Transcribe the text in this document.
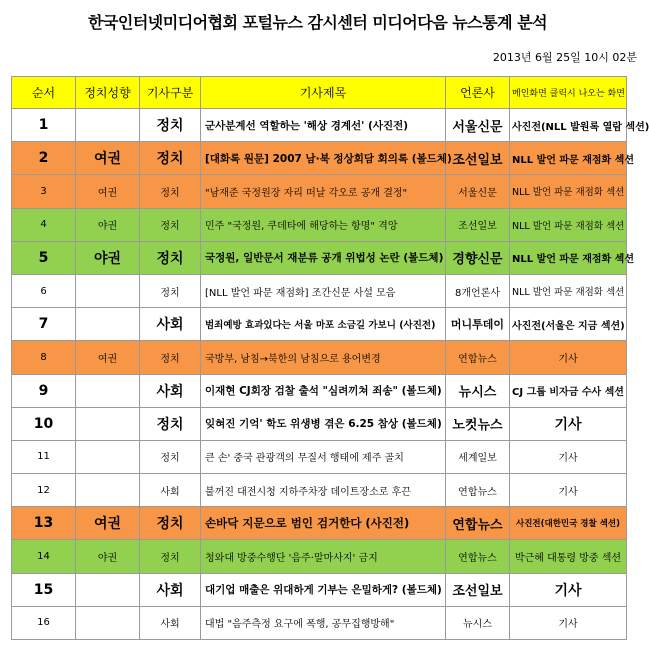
한국인터넷미디어협회 포털뉴스 감시센터 미디어다음 뉴스통계 분석
2013년 6월 25일 10시 02분
순서	정치성향	기사구분	기사제목	언론사	메인화면 클릭시 나오는 화면
1		정치	군사분계선 역할하는 '해상 경계선' (사진전)	서울신문	사진전(NLL 발원록 열람 섹션)
2	여권	정치	[대화록 원문] 2007 남·북 정상회담 회의록 (볼드체)	조선일보	NLL 발언 파문 재점화 섹션
3	여권	정치	"남재준 국정원장 자리 떠날 각오로 공개 결정"	서울신문	NLL 발언 파문 재점화 섹션
4	야권	정치	민주 "국정원, 쿠데타에 해당하는 항명" 격앙	조선일보	NLL 발언 파문 재점화 섹션
5	야권	정치	국정원, 일반문서 재분류 공개 위법성 논란 (볼드체)	경향신문	NLL 발언 파문 재점화 섹션
6		정치	[NLL 발언 파문 재점화] 조간신문 사설 모음	8개언론사	NLL 발언 파문 재점화 섹션
7		사회	범죄예방 효과있다는 서울 마포 소금길 가보니 (사진전)	머니투데이	사진전(서울은 지금 섹션)
8	여권	정치	국방부, 남침→북한의 남침으로 용어변경	연합뉴스	기사
9		사회	이재현 CJ회장 검찰 출석 "심려끼쳐 죄송" (볼드체)	뉴시스	CJ 그룹 비자금 수사 섹션
10		정치	잊혀진 기억' 학도 위생병 겪은 6.25 참상 (볼드체)	노컷뉴스	기사
11		정치	큰 손' 중국 관광객의 무질서 행태에 제주 골치	세계일보	기사
12		사회	불꺼진 대전시청 지하주차장 데이트장소로 후끈	연합뉴스	기사
13	여권	정치	손바닥 지문으로 범인 검거한다 (사진전)	연합뉴스	사진전(대한민국 경찰 섹션)
14	야권	정치	청와대 방중수행단 '음주·말마사지' 금지	연합뉴스	박근혜 대통령 방중 섹션
15		사회	대기업 매출은 위대하게 기부는 은밀하게? (볼드체)	조선일보	기사
16		사회	대법 "음주측정 요구에 폭행, 공무집행방해"	뉴시스	기사
